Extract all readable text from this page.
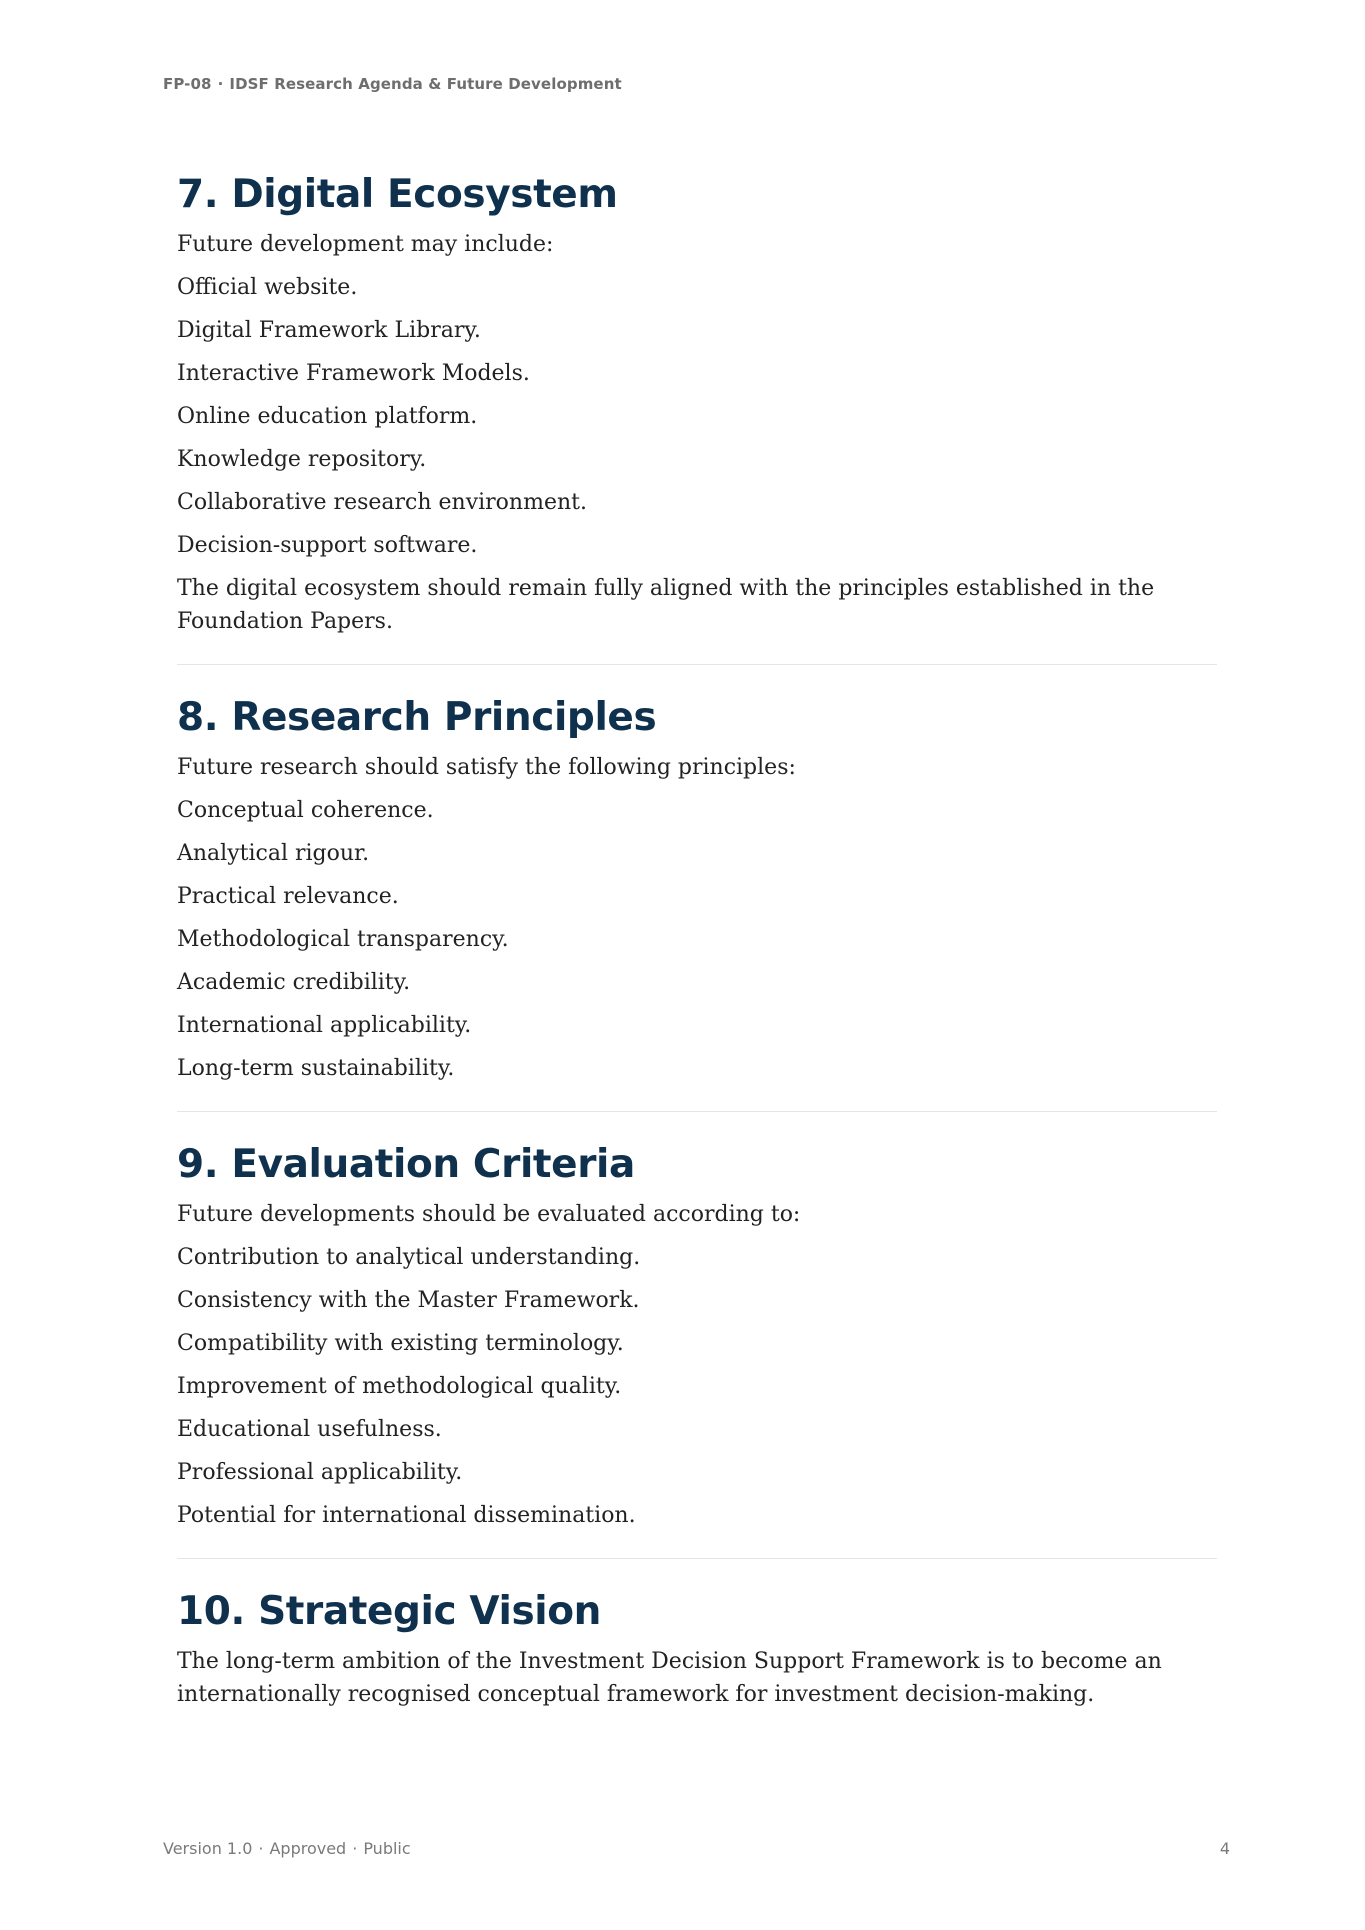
FP-08 · IDSF Research Agenda & Future Development
7. Digital Ecosystem

Future development may include:

Official website.

Digital Framework Library.

Interactive Framework Models.

Online education platform.

Knowledge repository.

Collaborative research environment.

Decision-support software.

The digital ecosystem should remain fully aligned with the principles established in the Foundation Papers.

8. Research Principles

Future research should satisfy the following principles:

Conceptual coherence.

Analytical rigour.

Practical relevance.

Methodological transparency.

Academic credibility.

International applicability.

Long-term sustainability.

9. Evaluation Criteria

Future developments should be evaluated according to:

Contribution to analytical understanding.

Consistency with the Master Framework.

Compatibility with existing terminology.

Improvement of methodological quality.

Educational usefulness.

Professional applicability.

Potential for international dissemination.

10. Strategic Vision

The long-term ambition of the Investment Decision Support Framework is to become an internationally recognised conceptual framework for investment decision-making.

Version 1.0 · Approved · Public	4
